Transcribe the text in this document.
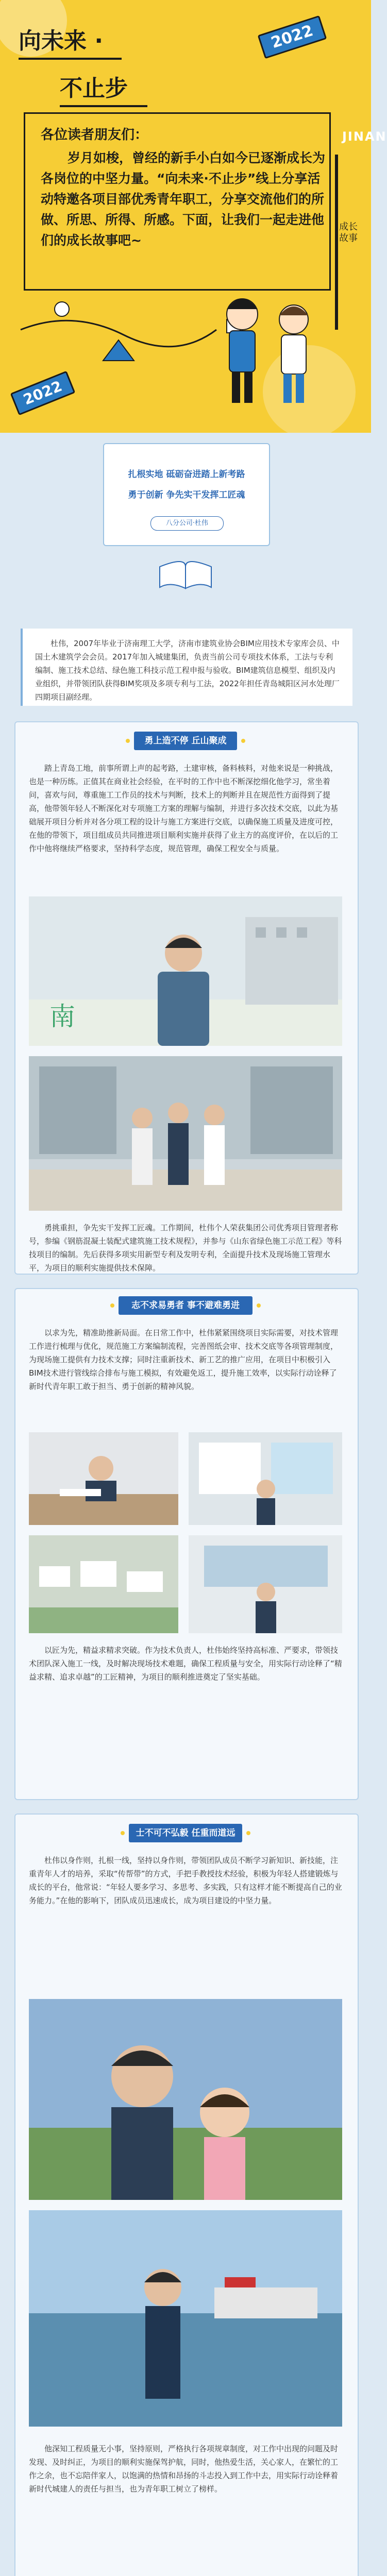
向未来 ·
不止步
2022
JINAN
成长故事
各位读者朋友们：
岁月如梭，曾经的新手小白如今已逐渐成长为各岗位的中坚力量。“向未来·不止步”线上分享活动特邀各项目部优秀青年职工，分享交流他们的所做、所思、所得、所感。下面，让我们一起走进他们的成长故事吧~
2022
扎根实地 砥砺奋进踏上新考路
勇于创新 争先实干发挥工匠魂
八分公司·杜伟
杜伟，2007年毕业于济南理工大学，济南市建筑业协会BIM应用技术专家库会员、中国土木建筑学会会员。2017年加入城建集团，负责当前公司专项技术体系，工法与专利编制、施工技术总结、绿色施工科技示范工程申报与验收。BIM建筑信息模型、组织及内业组织，并带领团队获得BIM奖项及多项专利与工法，2022年担任青岛城阳区河水处理厂四期项目副经理。
勇上造不停 丘山聚成
踏上青岛工地，前事所谓上声的起考路，土建审核，备料核料，对他来说是一种挑战，也是一种历练。正值其在商业社会经验，在平时的工作中也不断深挖细化他学习，常坐着问，喜欢与问，尊重施工工作员的技术与判断，技术上的判断并且在规范性方面得到了提高，他带领年轻人不断深化对专项施工方案的理解与编制，并进行多次技术交底，以此为基础展开项目分析并对各分项工程的设计与施工方案进行交底，以确保施工质量及进度可控，在他的带领下，项目组成员共同推进项目顺利实施并获得了业主方的高度评价，在以后的工作中他将继续严格要求，坚持科学态度，规范管理，确保工程安全与质量。
南
勇挑重担，争先实干发挥工匠魂。工作期间，杜伟个人荣获集团公司优秀项目管理者称号，参编《钢筋混凝土装配式建筑施工技术规程》，并参与《山东省绿色施工示范工程》等科技项目的编制。先后获得多项实用新型专利及发明专利，全面提升技术及现场施工管理水平，为项目的顺利实施提供技术保障。
志不求易勇者 事不避难勇进
以求为先，精准助推新局面。在日常工作中，杜伟紧紧围绕项目实际需要，对技术管理工作进行梳理与优化，规范施工方案编制流程，完善图纸会审、技术交底等各项管理制度，为现场施工提供有力技术支撑；同时注重新技术、新工艺的推广应用，在项目中积极引入BIM技术进行管线综合排布与施工模拟，有效避免返工，提升施工效率，以实际行动诠释了新时代青年职工敢于担当、勇于创新的精神风貌。
以匠为先，精益求精求突破。作为技术负责人，杜伟始终坚持高标准、严要求，带领技术团队深入施工一线，及时解决现场技术难题，确保工程质量与安全，用实际行动诠释了“精益求精、追求卓越”的工匠精神，为项目的顺利推进奠定了坚实基础。
士不可不弘毅 任重而道远
杜伟以身作则，扎根一线，坚持以身作则，带领团队成员不断学习新知识、新技能，注重青年人才的培养，采取“传帮带”的方式，手把手教授技术经验，积极为年轻人搭建锻炼与成长的平台，他常说：“年轻人要多学习、多思考、多实践，只有这样才能不断提高自己的业务能力。”在他的影响下，团队成员迅速成长，成为项目建设的中坚力量。
他深知工程质量无小事，坚持原则，严格执行各项规章制度，对工作中出现的问题及时发现、及时纠正，为项目的顺利实施保驾护航，同时，他热爱生活，关心家人，在繁忙的工作之余，也不忘陪伴家人，以饱满的热情和昂扬的斗志投入到工作中去，用实际行动诠释着新时代城建人的责任与担当，也为青年职工树立了榜样。
